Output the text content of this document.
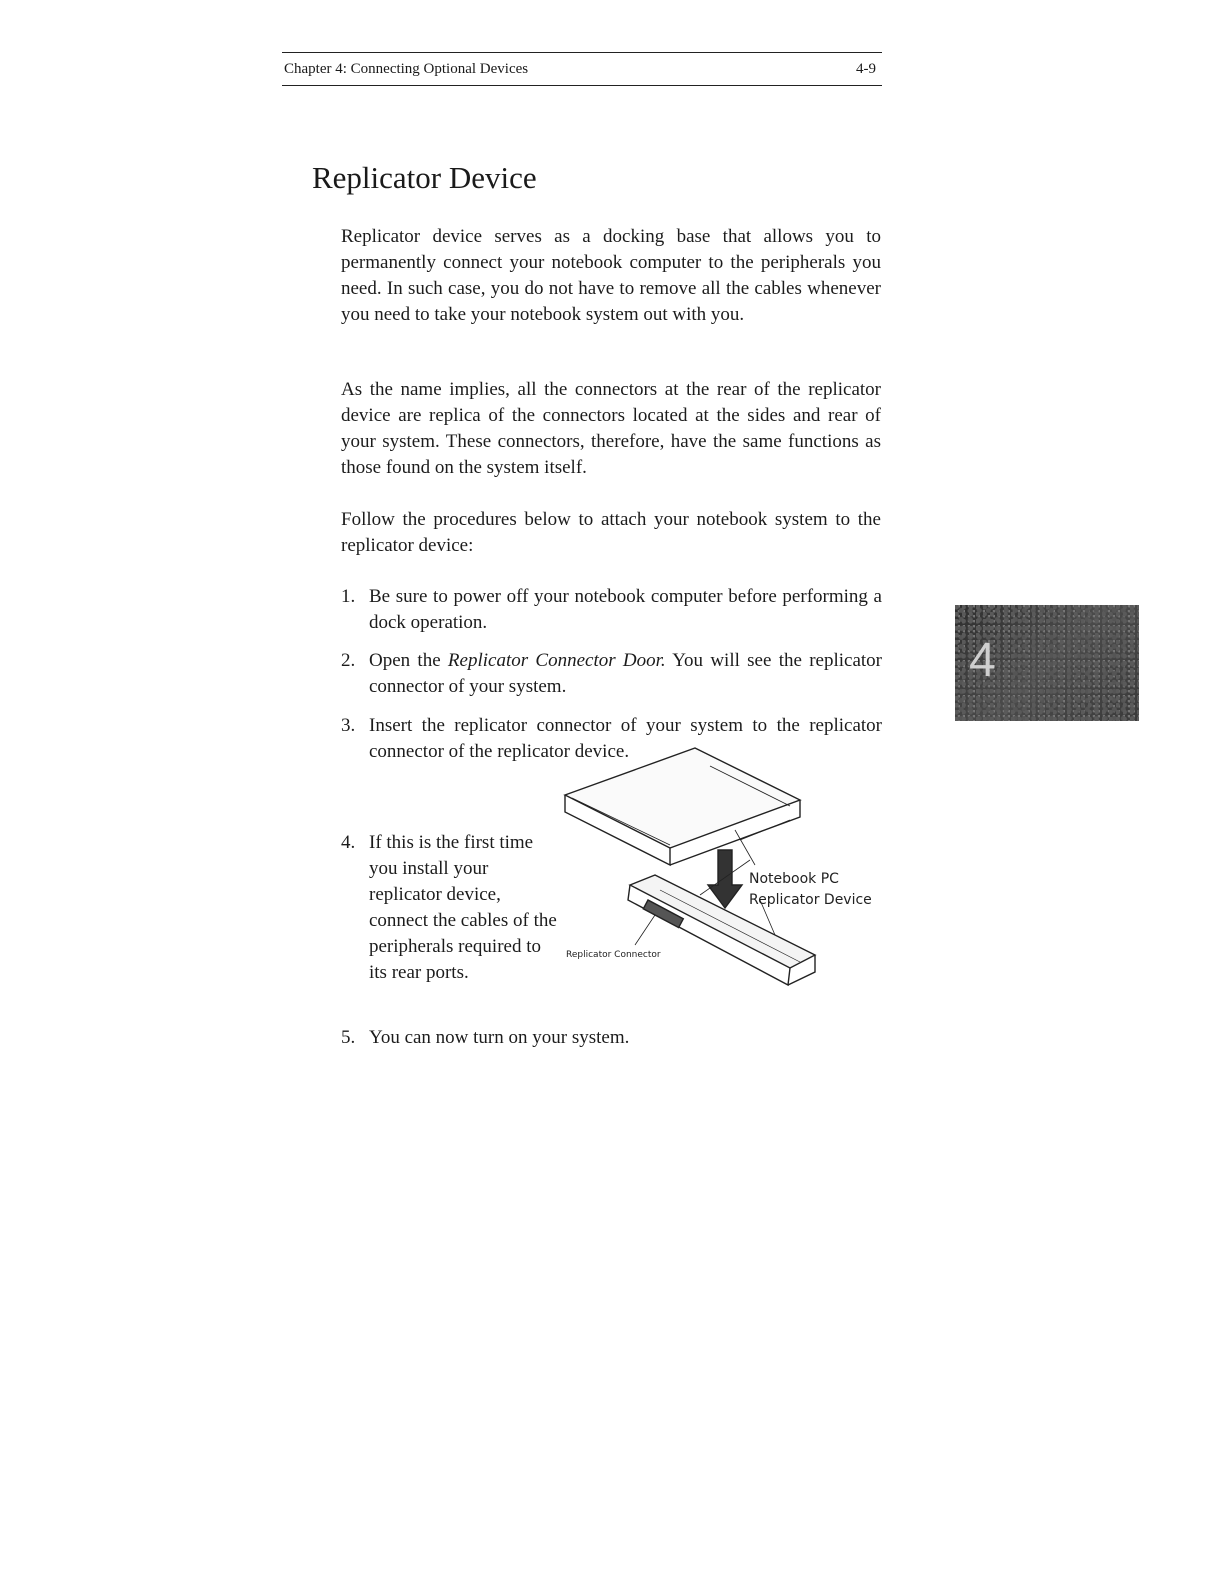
Chapter 4: Connecting Optional Devices	4-9
Replicator Device

Replicator device serves as a docking base that allows you to permanently connect your notebook computer to the peripherals you need. In such case, you do not have to remove all the cables whenever you need to take your notebook system out with you.

As the name implies, all the connectors at the rear of the replicator device are replica of the connectors located at the sides and rear of your system. These connectors, therefore, have the same functions as those found on the system itself.

Follow the procedures below to attach your notebook system to the replicator device:

1. Be sure to power off your notebook computer before performing a dock operation.
2. Open the Replicator Connector Door. You will see the replicator connector of your system.
3. Insert the replicator connector of your system to the replicator connector of the replicator device.
4. If this is the first time you install your replicator device, connect the cables of the peripherals required to its rear ports.
5. You can now turn on your system.
Notebook PC
Replicator Device
Replicator Connector
4
